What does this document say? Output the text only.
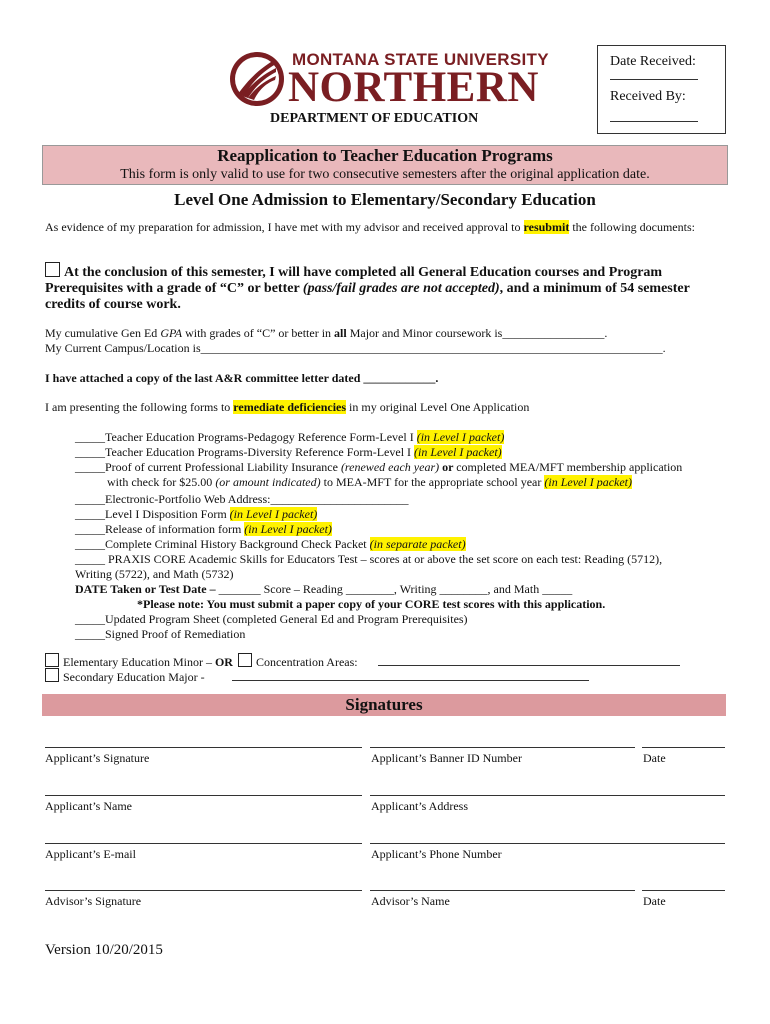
MONTANA STATE UNIVERSITY
NORTHERN
DEPARTMENT OF EDUCATION
Date Received:
Received By:
Reapplication to Teacher Education Programs
This form is only valid to use for two consecutive semesters after the original application date.
Level One Admission to Elementary/Secondary Education
As evidence of my preparation for admission, I have met with my advisor and received approval to resubmit the following documents:
At the conclusion of this semester, I will have completed all General Education courses and Program Prerequisites with a grade of “C” or better (pass/fail grades are not accepted), and a minimum of 54 semester credits of course work.
My cumulative Gen Ed GPA with grades of “C” or better in all Major and Minor coursework is_________________.
My Current Campus/Location is_____________________________________________________________________________.
I have attached a copy of the last A&R committee letter dated ____________.
I am presenting the following forms to remediate deficiencies in my original Level One Application
_____Teacher Education Programs-Pedagogy Reference Form-Level I (in Level I packet)
_____Teacher Education Programs-Diversity Reference Form-Level I (in Level I packet)
_____Proof of current Professional Liability Insurance (renewed each year) or completed MEA/MFT membership application
with check for $25.00 (or amount indicated) to MEA-MFT for the appropriate school year (in Level I packet)
_____Electronic-Portfolio Web Address:_______________________
_____Level I Disposition Form (in Level I packet)
_____Release of information form (in Level I packet)
_____Complete Criminal History Background Check Packet (in separate packet)
_____ PRAXIS CORE Academic Skills for Educators Test – scores at or above the set score on each test: Reading (5712),
Writing (5722), and Math (5732)
DATE Taken or Test Date – _______ Score – Reading ________, Writing ________, and Math _____
*Please note: You must submit a paper copy of your CORE test scores with this application.
_____Updated Program Sheet (completed General Ed and Program Prerequisites)
_____Signed Proof of Remediation
Elementary Education Minor – OR Concentration Areas:
Secondary Education Major -
Signatures
Applicant’s Signature	Applicant’s Banner ID Number	Date
Applicant’s Name	Applicant’s Address
Applicant’s E-mail	Applicant’s Phone Number
Advisor’s Signature	Advisor’s Name	Date
Version 10/20/2015
